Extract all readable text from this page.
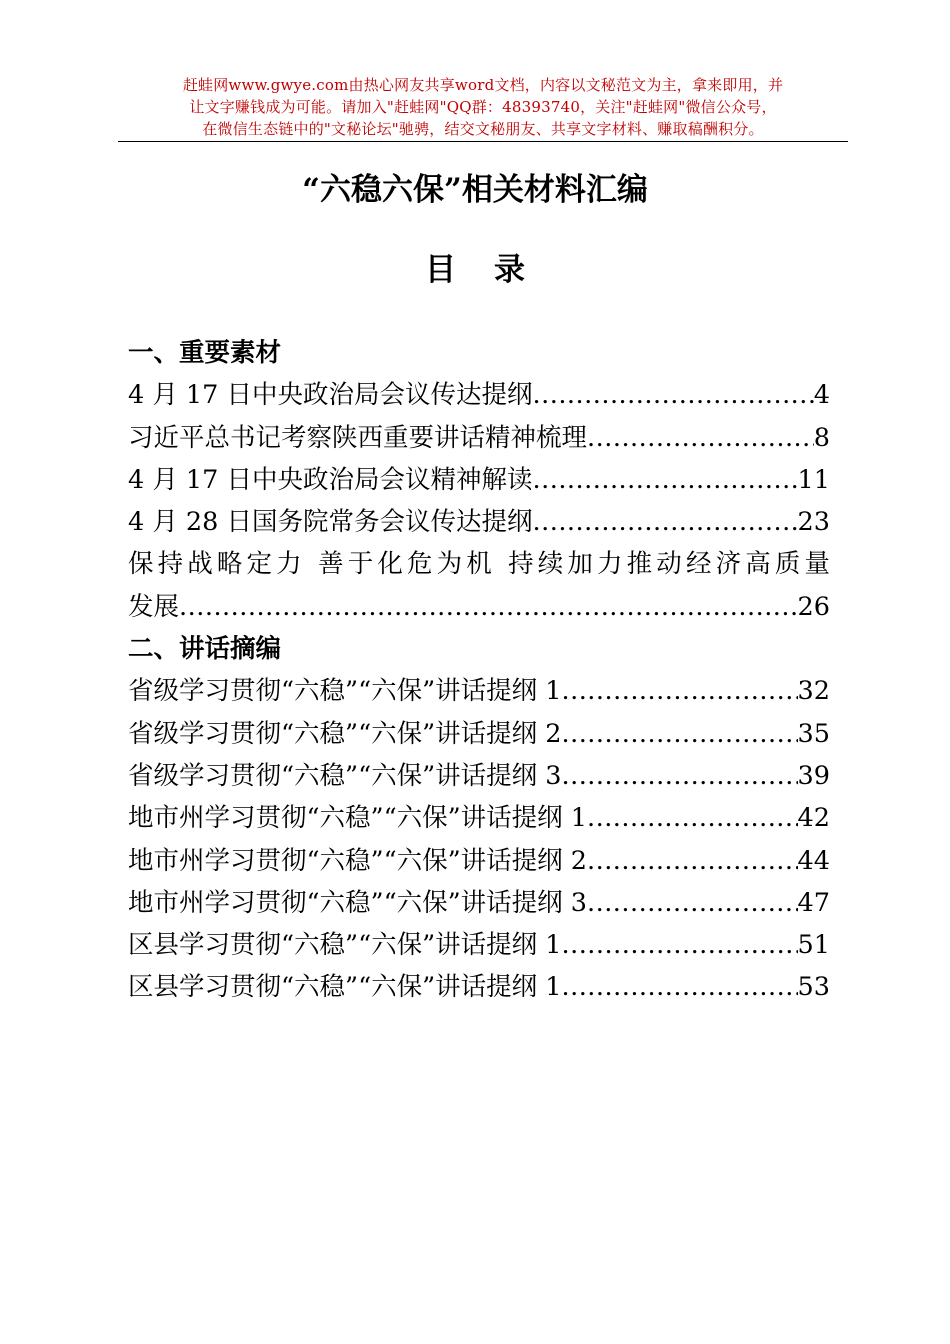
赶蛙网www.gwye.com由热心网友共享word文档，内容以文秘范文为主，拿来即用，并
让文字赚钱成为可能。请加入"赶蛙网"QQ群：48393740，关注"赶蛙网"微信公众号，
在微信生态链中的"文秘论坛"驰骋，结交文秘朋友、共享文字材料、赚取稿酬积分。
“六稳六保”相关材料汇编
目 录
一、重要素材
4 月 17 日中央政治局会议传达提纲 .....	4
习近平总书记考察陕西重要讲话精神梳理 .....	8
4 月 17 日中央政治局会议精神解读 .....	11
4 月 28 日国务院常务会议传达提纲 .....	23
保持战略定力 善于化危为机 持续加力推动经济高质量
发展 .....	26
二、讲话摘编
省级学习贯彻“六稳”“六保”讲话提纲 1 .....	32
省级学习贯彻“六稳”“六保”讲话提纲 2 .....	35
省级学习贯彻“六稳”“六保”讲话提纲 3 .....	39
地市州学习贯彻“六稳”“六保”讲话提纲 1 .....	42
地市州学习贯彻“六稳”“六保”讲话提纲 2 .....	44
地市州学习贯彻“六稳”“六保”讲话提纲 3 .....	47
区县学习贯彻“六稳”“六保”讲话提纲 1 .....	51
区县学习贯彻“六稳”“六保”讲话提纲 1 .....	53
